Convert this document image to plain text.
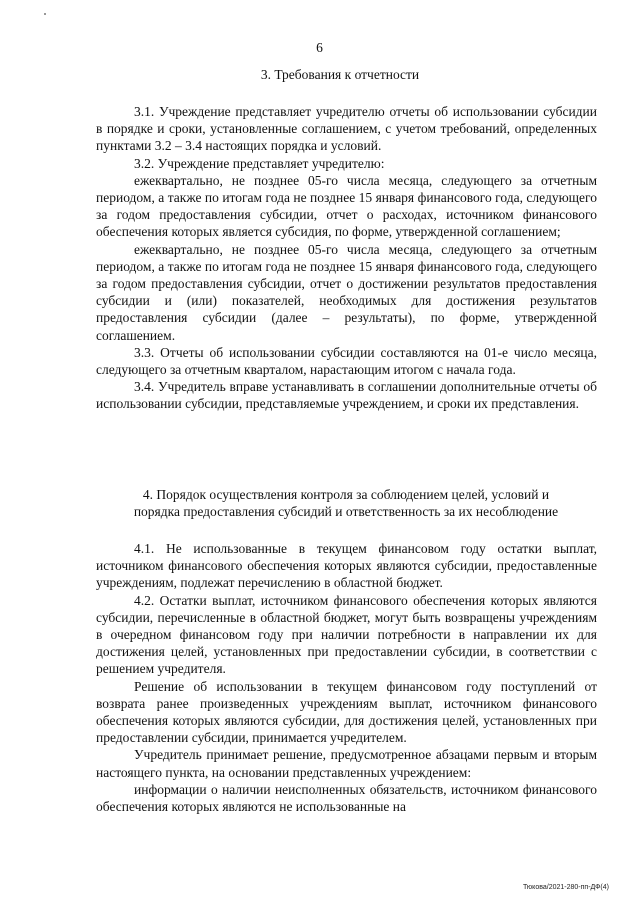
6
3. Требования к отчетности

3.1. Учреждение представляет учредителю отчеты об использовании субсидии в порядке и сроки, установленные соглашением, с учетом требований, определенных пунктами 3.2 – 3.4 настоящих порядка и условий.

3.2. Учреждение представляет учредителю:

ежеквартально, не позднее 05-го числа месяца, следующего за отчетным периодом, а также по итогам года не позднее 15 января финансового года, следующего за годом предоставления субсидии, отчет о расходах, источником финансового обеспечения которых является субсидия, по форме, утвержденной соглашением;

ежеквартально, не позднее 05-го числа месяца, следующего за отчетным периодом, а также по итогам года не позднее 15 января финансового года, следующего за годом предоставления субсидии, отчет о достижении результатов предоставления субсидии и (или) показателей, необходимых для достижения результатов предоставления субсидии (далее – результаты), по форме, утвержденной соглашением.

3.3. Отчеты об использовании субсидии составляются на 01-е число месяца, следующего за отчетным кварталом, нарастающим итогом с начала года.

3.4. Учредитель вправе устанавливать в соглашении дополнительные отчеты об использовании субсидии, представляемые учреждением, и сроки их представления.

4. Порядок осуществления контроля за соблюдением целей, условий и
порядка предоставления субсидий и ответственность за их несоблюдение

4.1. Не использованные в текущем финансовом году остатки выплат, источником финансового обеспечения которых являются субсидии, предоставленные учреждениям, подлежат перечислению в областной бюджет.

4.2. Остатки выплат, источником финансового обеспечения которых являются субсидии, перечисленные в областной бюджет, могут быть возвращены учреждениям в очередном финансовом году при наличии потребности в направлении их для достижения целей, установленных при предоставлении субсидии, в соответствии с решением учредителя.

Решение об использовании в текущем финансовом году поступлений от возврата ранее произведенных учреждениям выплат, источником финансового обеспечения которых являются субсидии, для достижения целей, установленных при предоставлении субсидии, принимается учредителем.

Учредитель принимает решение, предусмотренное абзацами первым и вторым настоящего пункта, на основании представленных учреждением:

информации о наличии неисполненных обязательств, источником финансового обеспечения которых являются не использованные на

Тюкова/2021-280-пп-ДФ(4)
